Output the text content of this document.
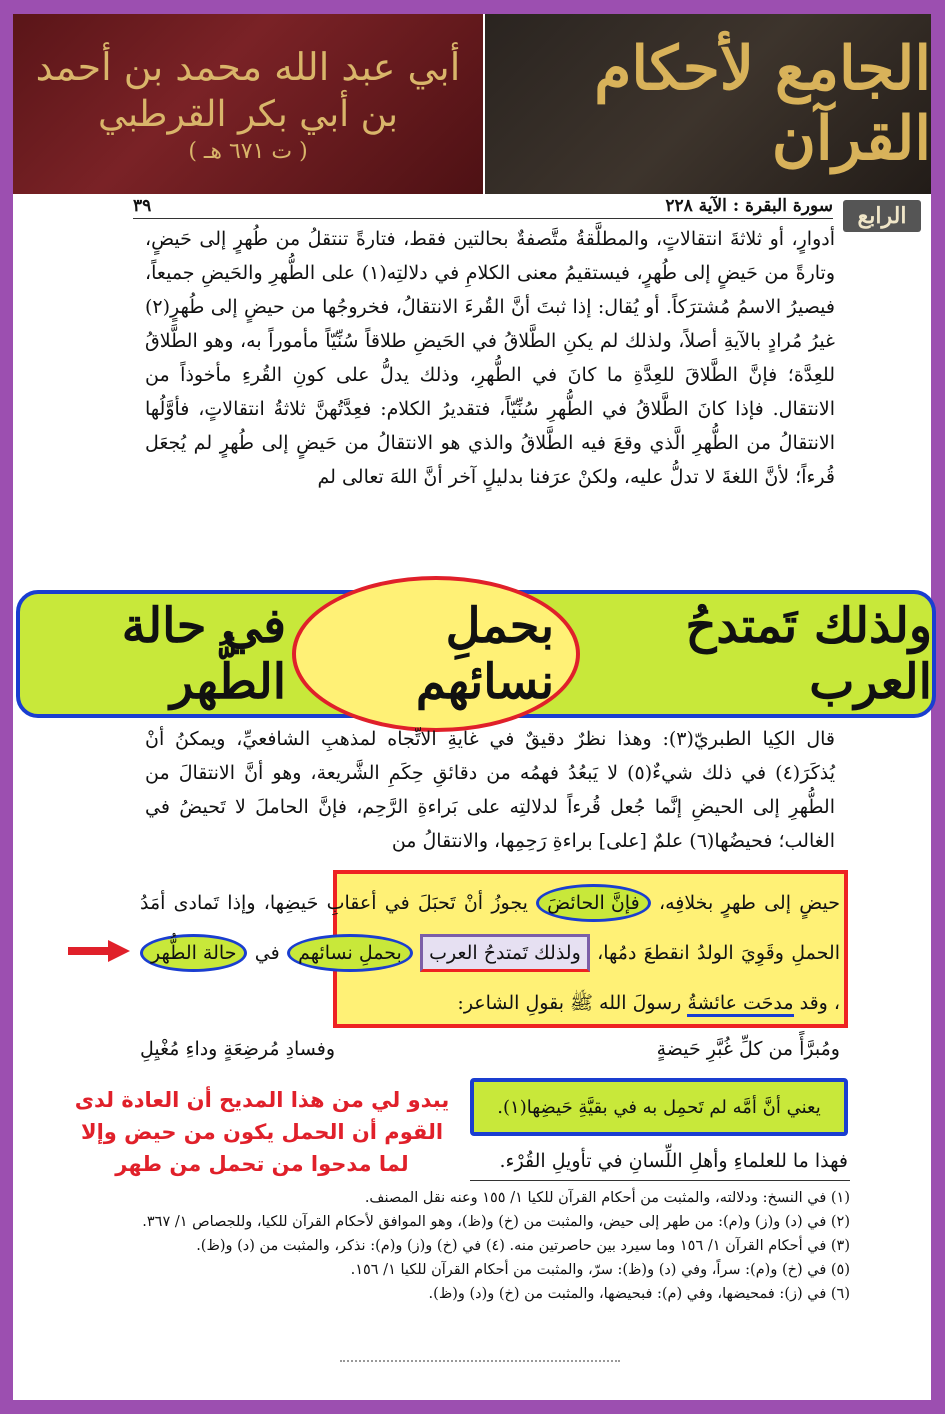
أبي عبد الله محمد بن أحمد
بن أبي بكر القرطبي
( ت ٦٧١ هـ )
الجامع لأحكام القرآن
سورة البقرة : الآية ٢٢٨
٣٩	الرابع
أدوارٍ، أو ثلاثةَ انتقالاتٍ، والمطلَّقةُ متَّصفةٌ بحالتين فقط، فتارةً تنتقلُ من طُهرٍ إلى حَيضٍ، وتارةً من حَيضٍ إلى طُهرٍ، فيستقيمُ معنى الكلامِ في دلالتِه(١) على الطُّهرِ والحَيضِ جميعاً، فيصيرُ الاسمُ مُشترَكاً. أو يُقال: إذا ثبتَ أنَّ القُرءَ الانتقالُ، فخروجُها من حيضٍ إلى طُهرٍ(٢) غيرُ مُرادٍ بالآيةِ أصلاً، ولذلك لم يكنِ الطَّلاقُ في الحَيضِ طلاقاً سُنِّيّاً مأموراً به، وهو الطَّلاقُ للعِدَّة؛ فإنَّ الطَّلاقَ للعِدَّةِ ما كانَ في الطُّهرِ، وذلك يدلُّ على كونِ القُرءِ مأخوذاً من الانتقال. فإذا كانَ الطَّلاقُ في الطُّهرِ سُنِّيّاً، فتقديرُ الكلام: فعِدَّتُهنَّ ثلاثةُ انتقالاتٍ، فأوَّلُها الانتقالُ من الطُّهرِ الَّذي وقعَ فيه الطَّلاقُ والذي هو الانتقالُ من حَيضٍ إلى طُهرٍ لم يُجعَل قُرءاً؛ لأنَّ اللغةَ لا تدلُّ عليه، ولكنْ عرَفنا بدليلٍ آخر أنَّ اللهَ تعالى لم
ولذلك تَمتدحُ العرب
بحملِ نسائهم
في حالة الطُّهر
قال الكِيا الطبريّ(٣): وهذا نظرٌ دقيقٌ في غايةِ الاتِّجاه لمذهبِ الشافعيِّ، ويمكنُ أنْ يُذكَرَ(٤) في ذلك شيءٌ(٥) لا يَبعُدُ فهمُه من دقائقِ حِكَمِ الشَّريعة، وهو أنَّ الانتقالَ من الطُّهرِ إلى الحيضِ إنَّما جُعل قُرءاً لدلالتِه على بَراءةِ الرَّحِم، فإنَّ الحاملَ لا تَحيضُ في الغالب؛ فحيضُها(٦) علمٌ [على] براءةِ رَحِمِها، والانتقالُ من
حيضٍ إلى طهرٍ بخلافِه، فإنَّ الحائضَ يجوزُ أنْ تَحبَلَ في أعقابِ حَيضِها، وإذا تَمادى أمَدُ الحملِ وقَوِيَ الولدُ انقطعَ دمُها، ولذلك تَمتدحُ العرب بحملِ نسائهم في حالة الطُّهر ، وقد مدحَت عائشةُ رسولَ الله ﷺ بقولِ الشاعر:
ومُبرَّأً من كلِّ غُبَّرِ حَيضةٍ
وفسادِ مُرضِعَةٍ وداءِ مُغْيِلِ
يعني أنَّ أمَّه لم تَحمِل به في بقيَّةِ حَيضِها(١).
يبدو لي من هذا المديح أن العادة لدى
القوم أن الحمل يكون من حيض وإلا
لما مدحوا من تحمل من طهر	فهذا ما للعلماءِ وأهلِ اللِّسانِ في تأويلِ القُرْء.
(١) في النسخ: ودلالته، والمثبت من أحكام القرآن للكيا ١/ ١٥٥ وعنه نقل المصنف.
(٢) في (د) و(ز) و(م): من طهر إلى حيض، والمثبت من (خ) و(ظ)، وهو الموافق لأحكام القرآن للكيا، وللجصاص ١/ ٣٦٧.
(٣) في أحكام القرآن ١/ ١٥٦ وما سيرد بين حاصرتين منه. (٤) في (خ) و(ز) و(م): نذكر، والمثبت من (د) و(ظ).
(٥) في (خ) و(م): سراً، وفي (د) و(ظ): سرّ، والمثبت من أحكام القرآن للكيا ١/ ١٥٦.
(٦) في (ز): فمحيضها، وفي (م): فبحيضها، والمثبت من (خ) و(د) و(ظ).
